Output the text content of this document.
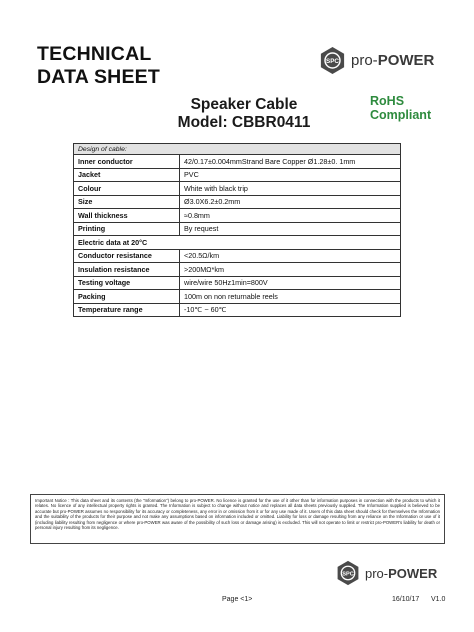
TECHNICAL
DATA SHEET
SPC pro-POWER
Speaker Cable
Model: CBBR0411
RoHS
Compliant
Design of cable:	
Inner conductor	42/0.17±0.004mmStrand Bare Copper Ø1.28±0. 1mm
Jacket	PVC
Colour	White with black trip
Size	Ø3.0X6.2±0.2mm
Wall thickness	≈0.8mm
Printing	By request
Electric data at 20°C	
Conductor resistance	<20.5Ω/km
Insulation resistance	>200MΩ*km
Testing voltage	wire/wire 50Hz1min=800V
Packing	100m on non returnable reels
Temperature range	-10℃ ~ 60℃
Important Notice : This data sheet and its contents (the "Information") belong to pro-POWER. No licence is granted for the use of it other than for information purposes in connection with the products to which it relates. No licence of any intellectual property rights is granted. The Information is subject to change without notice and replaces all data sheets previously supplied. The Information supplied is believed to be accurate but pro-POWER assumes no responsibility for its accuracy or completeness, any error in or omission from it or for any use made of it. Users of this data sheet should check for themselves the Information and the suitability of the products for their purpose and not make any assumptions based on information included or omitted. Liability for loss or damage resulting from any reliance on the Information or use of it (including liability resulting from negligence or where pro-POWER was aware of the possibility of such loss or damage arising) is excluded. This will not operate to limit or restrict pro-POWER's liability for death or personal injury resulting from its negligence.
SPC pro-POWER
Page <1>	16/10/17 V1.0
